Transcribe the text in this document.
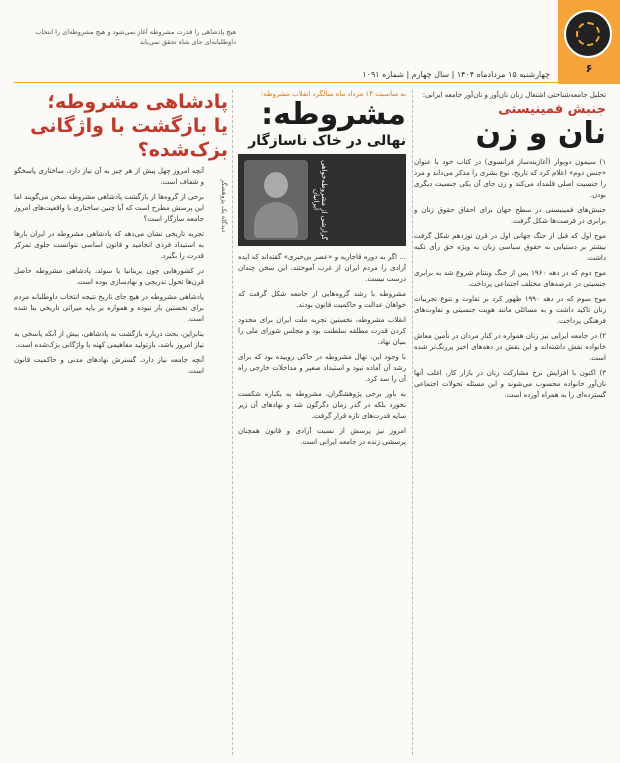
۶
چهارشنبه ۱۵ مرداد‌ماه ۱۴۰۴ | سال چهارم | شماره ۱۰۹۱
هیچ پادشاهی را قدرت مشروطه آغاز نمی‌شود و هیچ مشروطه‌ای را انتخاب داوطلبانه‌ای جای شاه تحقق نمی‌یابد
تحلیل جامعه‌شناختی اشتغال زنان نان‌آور و نان‌آور جامعه ایرانی:
جنبش فمینیستی
نان و زن

۱) سیمون دوبوار (آغازینه‌ساز فرانسوی) در کتاب خود با عنوان «جنس دوم» اعلام کرد که تاریخ، نوع بشری را مذکر می‌داند و مرد را جنسیت اصلی قلمداد می‌کند و زن جای آن ‌یکی جنسیت دیگری بودن.

جنبش‌های فمینیستی در سطح جهان برای احقاق حقوق زنان و برابری در فرصت‌ها شکل گرفت.

موج اول که قبل از جنگ جهانی اول در قرن نوزدهم شکل گرفت بیشتر بر دستیابی به حقوق سیاسی زنان به ویژه حق رأی تکیه داشت.

موج دوم که در دهه ۱۹۶۰ پس از جنگ ویتنام شروع شد به برابری جنسیتی در عرصه‌های مختلف اجتماعی پرداخت.

موج سوم که در دهه ۱۹۹۰ ظهور کرد بر تفاوت و تنوع تجربیات زنان تاکید داشت و به مسائلی مانند هویت جنسیتی و تفاوت‌های فرهنگی پرداخت.

۲) در جامعه ایرانی نیز زنان همواره در کنار مردان در تأمین معاش خانواده نقش داشته‌اند و این نقش در دهه‌های اخیر پررنگ‌تر شده است.

۳) اکنون با افزایش نرخ مشارکت زنان در بازار کار، اغلب آنها نان‌آور خانواده محسوب می‌شوند و این مسئله تحولات اجتماعی گسترده‌ای را به همراه آورده است.

به مناسبت ۱۴ مرداد ماه سالگرد انقلاب مشروطه:
مشروطه:
نهالی در خاک ناسازگار
گزارشی از مشروطه‌خواهی ایرانیان

... اگر به دوره قاجاریه و «عصر بی‌خبری» گفته‌اند که ایده آزادی را مردم ایران از غرب آموختند، این سخن چندان درست نیست.

مشروطه با رشد گروه‌هایی از جامعه شکل گرفت که خواهان عدالت و حاکمیت قانون بودند.

انقلاب مشروطه، نخستین تجربه ملت ایران برای محدود کردن قدرت مطلقه سلطنت بود و مجلس شورای ملی را بنیان نهاد.

با وجود این، نهال مشروطه در خاکی روییده بود که برای رشد آن آماده نبود و استبداد صغیر و مداخلات خارجی راه آن را سد کرد.

به باور برخی پژوهشگران، مشروطه به یکباره شکست نخورد بلکه در گذر زمان دگرگون شد و نهادهای آن زیر سایه قدرت‌های تازه قرار گرفت.

امروز نیز پرسش از نسبت آزادی و قانون همچنان پرسشی زنده در جامعه ایرانی است.

پادشاهی مشروطه؛
یا بازگشت با واژگانی بزک‌شده؟
دیدگاه یک پژوهشگر

آنچه امروز چهل پیش از هر چیز به آن نیاز دارد، ساختاری پاسخگو و شفاف است.

برخی از گروه‌ها از بازگشت پادشاهی مشروطه سخن می‌گویند اما این پرسش مطرح است که آیا چنین ساختاری با واقعیت‌های امروز جامعه سازگار است؟

تجربه تاریخی نشان می‌دهد که پادشاهی مشروطه در ایران بارها به استبداد فردی انجامید و قانون اساسی نتوانست جلوی تمرکز قدرت را بگیرد.

در کشورهایی چون بریتانیا یا سوئد، پادشاهی مشروطه حاصل قرن‌ها تحول تدریجی و نهادسازی بوده است.

پادشاهی مشروطه در هیچ جای تاریخ نتیجه انتخاب داوطلبانه مردم برای نخستین بار نبوده و همواره بر پایه میراثی تاریخی بنا شده است.

بنابراین، بحث درباره بازگشت به پادشاهی، بیش از آنکه پاسخی به نیاز امروز باشد، بازتولید مفاهیمی کهنه با واژگانی بزک‌شده است.

آنچه جامعه نیاز دارد، گسترش نهادهای مدنی و حاکمیت قانون است.
